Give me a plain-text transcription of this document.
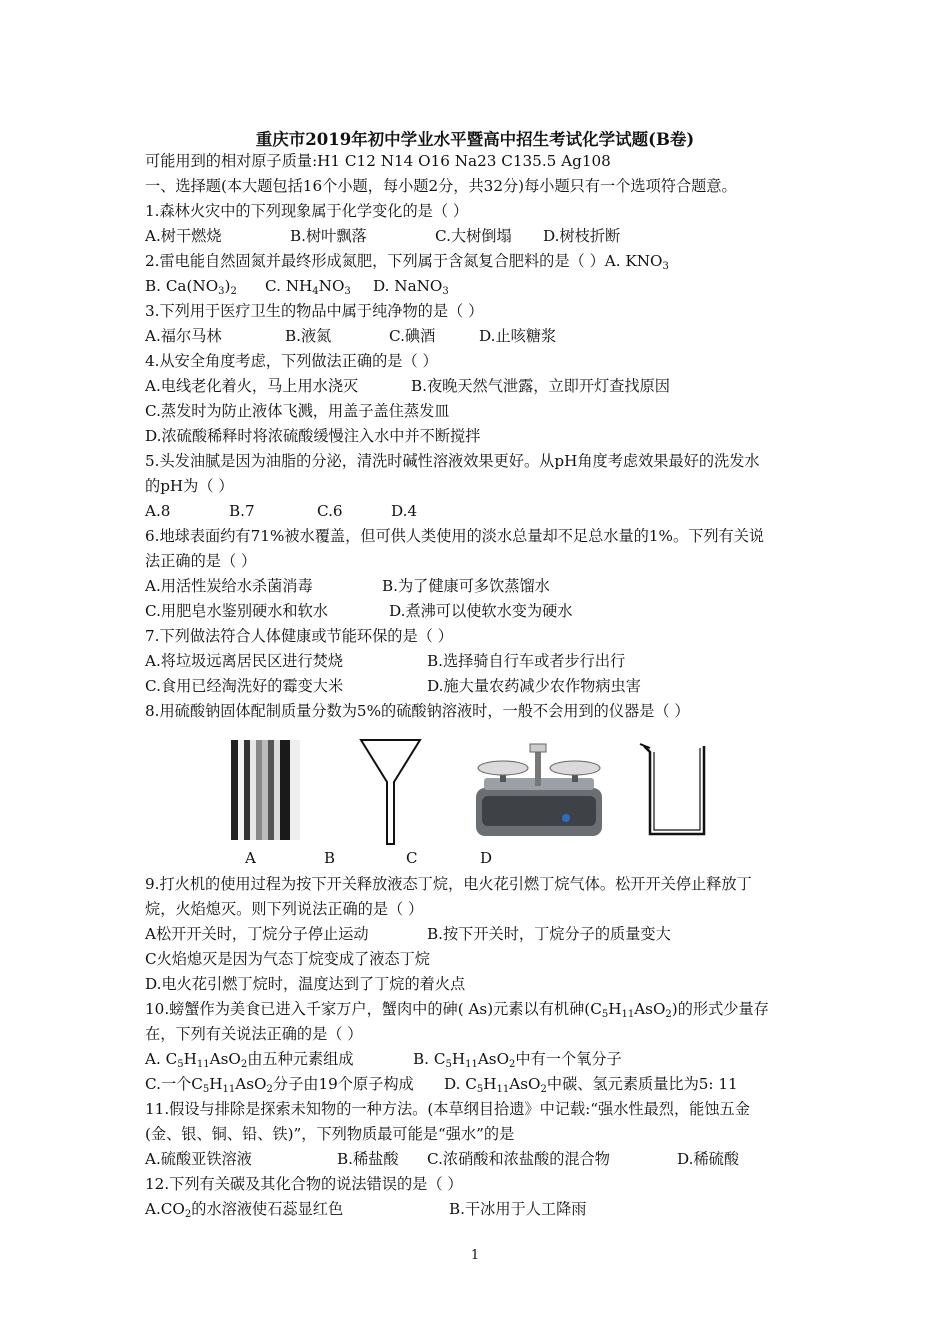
重庆市2019年初中学业水平暨高中招生考试化学试题(B卷)
可能用到的相对原子质量:H1 C12 N14 O16 Na23 C135.5 Ag108
一、选择题(本大题包括16个小题，每小题2分，共32分)每小题只有一个选项符合题意。
1.森林火灾中的下列现象属于化学变化的是（ ）
A.树干燃烧	B.树叶飘落	C.大树倒塌 D.树枝折断
2.雷电能自然固氮并最终形成氮肥，下列属于含氮复合肥料的是（ ）A. $KNO_3$
B. $Ca(NO_3)_2$ C. $NH_4NO_3$ D. NaNO$_3$
3.下列用于医疗卫生的物品中属于纯净物的是（ ）
A.福尔马林	B.液氮	C.碘酒	D.止咳糖浆
4.从安全角度考虑，下列做法正确的是（ ）
A.电线老化着火，马上用水浇灭	B.夜晚天然气泄露，立即开灯查找原因
C.蒸发时为防止液体飞溅，用盖子盖住蒸发皿
D.浓硫酸稀释时将浓硫酸缓慢注入水中并不断搅拌
5.头发油腻是因为油脂的分泌，清洗时碱性溶液效果更好。从pH角度考虑效果最好的洗发水
的pH为（ ）
A.8	B.7	C.6	D.4
6.地球表面约有71%被水覆盖，但可供人类使用的淡水总量却不足总水量的1%。下列有关说
法正确的是（ ）
A.用活性炭给水杀菌消毒	B.为了健康可多饮蒸馏水
C.用肥皂水鉴别硬水和软水	D.煮沸可以使软水变为硬水
7.下列做法符合人体健康或节能环保的是（ ）
A.将垃圾远离居民区进行焚烧	B.选择骑自行车或者步行出行
C.食用已经淘洗好的霉变大米	D.施大量农药减少农作物病虫害
8.用硫酸钠固体配制质量分数为5%的硫酸钠溶液时，一般不会用到的仪器是（ ）
A	B	C	D
9.打火机的使用过程为按下开关释放液态丁烷，电火花引燃丁烷气体。松开开关停止释放丁
烷，火焰熄灭。则下列说法正确的是（ ）
A松开开关时，丁烷分子停止运动	B.按下开关时，丁烷分子的质量变大
C火焰熄灭是因为气态丁烷变成了液态丁烷
D.电火花引燃丁烷时，温度达到了丁烷的着火点
10.螃蟹作为美食已进入千家万户，蟹肉中的砷( As)元素以有机砷$(C_5H_{11}AsO_2)$的形式少量存
在，下列有关说法正确的是（ ）
A. $C_5H_{11}AsO_2$由五种元素组成	B. $C_5H_{11}AsO_2$中有一个氧分子
C.一个$C_5H_{11}AsO_2$分子由19个原子构成 D. $C_5H_{11}AsO_2$中碳、氢元素质量比为5: 11
11.假设与排除是探索未知物的一种方法。(本草纲目拾遗》中记载:“强水性最烈，能蚀五金
(金、银、铜、铅、铁)”，下列物质最可能是“强水”的是
A.硫酸亚铁溶液	B.稀盐酸 C.浓硝酸和浓盐酸的混合物	D.稀硫酸
12.下列有关碳及其化合物的说法错误的是（ ）
$A.CO_2$的水溶液使石蕊显红色	B.干冰用于人工降雨
1
